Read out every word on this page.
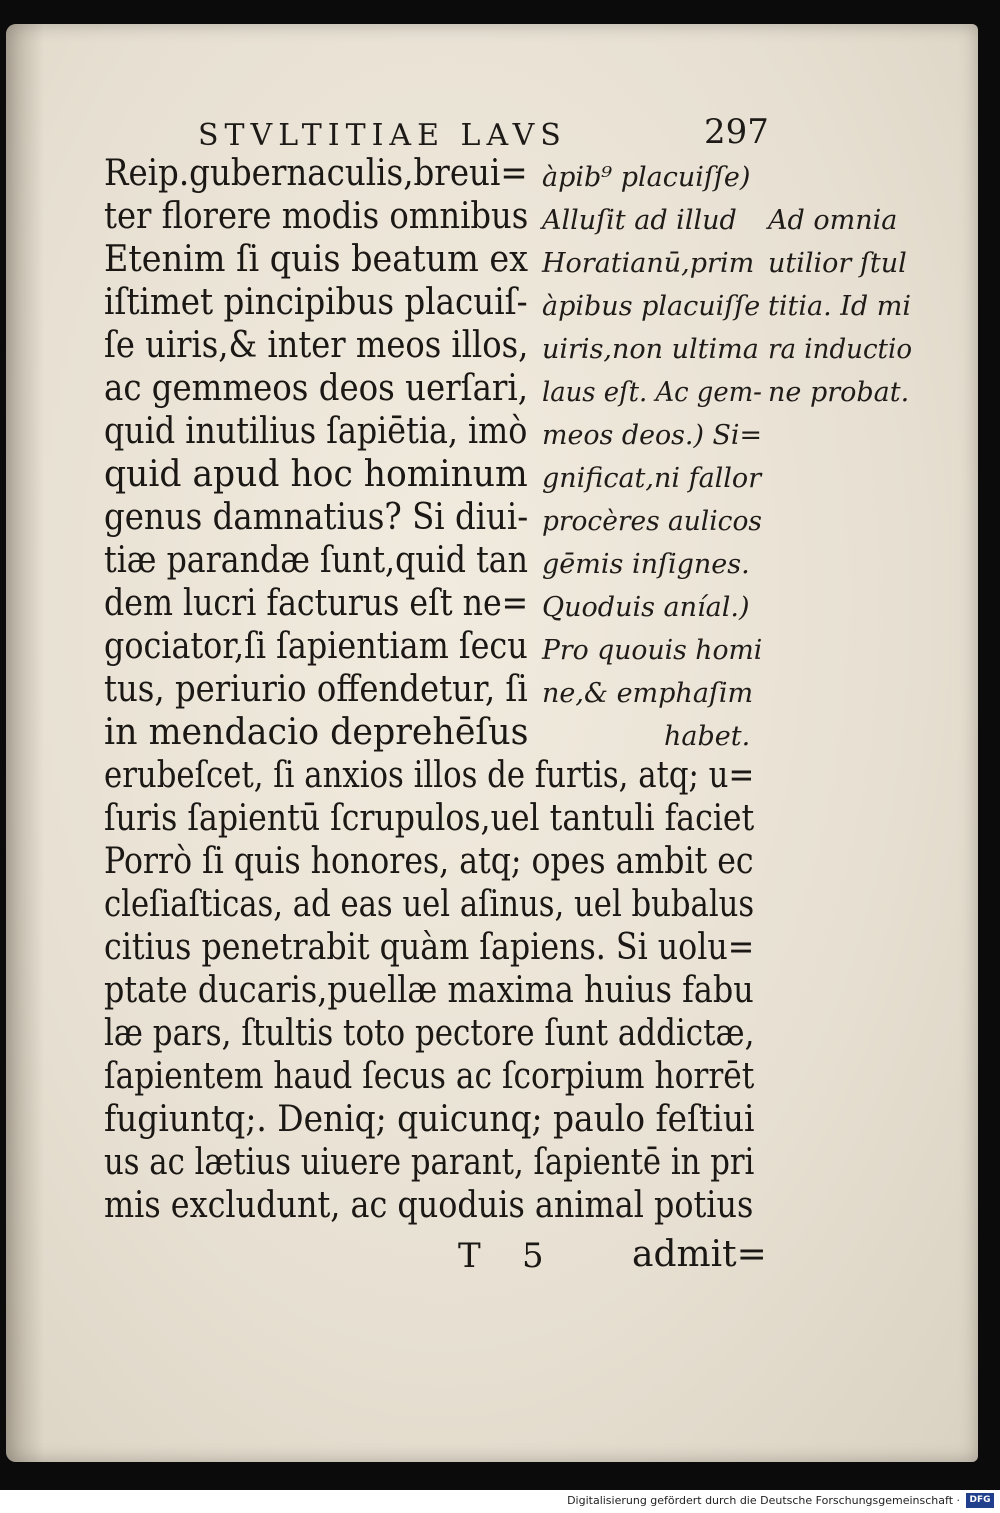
STVLTITIAE LAVS	297

Reip.gubernaculis,breui=

ter florere modis omnibus

Etenim ſi quis beatum ex

iſtimet pincipibus placuiſ-

ſe uiris,& inter meos illos,

ac gemmeos deos uerſari,

quid inutilius ſapiētia, imò

quid apud hoc hominum

genus damnatius? Si diui-

tiæ parandæ ſunt,quid tan

dem lucri facturus eſt ne=

gociator,ſi ſapientiam ſecu

tus, periurio offendetur, ſi

in mendacio deprehēſus

erubeſcet, ſi anxios illos de furtis, atq; u=

ſuris ſapientū ſcrupulos,uel tantuli faciet

Porrò ſi quis honores, atq; opes ambit ec

cleſiaſticas, ad eas uel aſinus, uel bubalus

citius penetrabit quàm ſapiens. Si uolu=

ptate ducaris,puellæ maxima huius fabu

læ pars, ſtultis toto pectore ſunt addictæ,

ſapientem haud ſecus ac ſcorpium horrēt

fugiuntq;. Deniq; quicunq; paulo feſtiui

us ac lætius uiuere parant, ſapientē in pri

mis excludunt, ac quoduis animal potius

àpib⁹ placuiſſe)

Alluſit ad illud

Horatianū,prim

àpibus placuiſſe

uiris,non ultima

laus eſt. Ac gem-

meos deos.) Si=

gnificat,ni fallor

procères aulicos

gēmis inſignes.

Quoduis aníal.)

Pro quouis homi

ne,& emphaſim

habet.

Ad omnia

utilior ſtul

titia. Id mi

ra inductio

ne probat.

T 5 admit=
Digitalisierung gefördert durch die Deutsche Forschungsgemeinschaft ·	DFG
